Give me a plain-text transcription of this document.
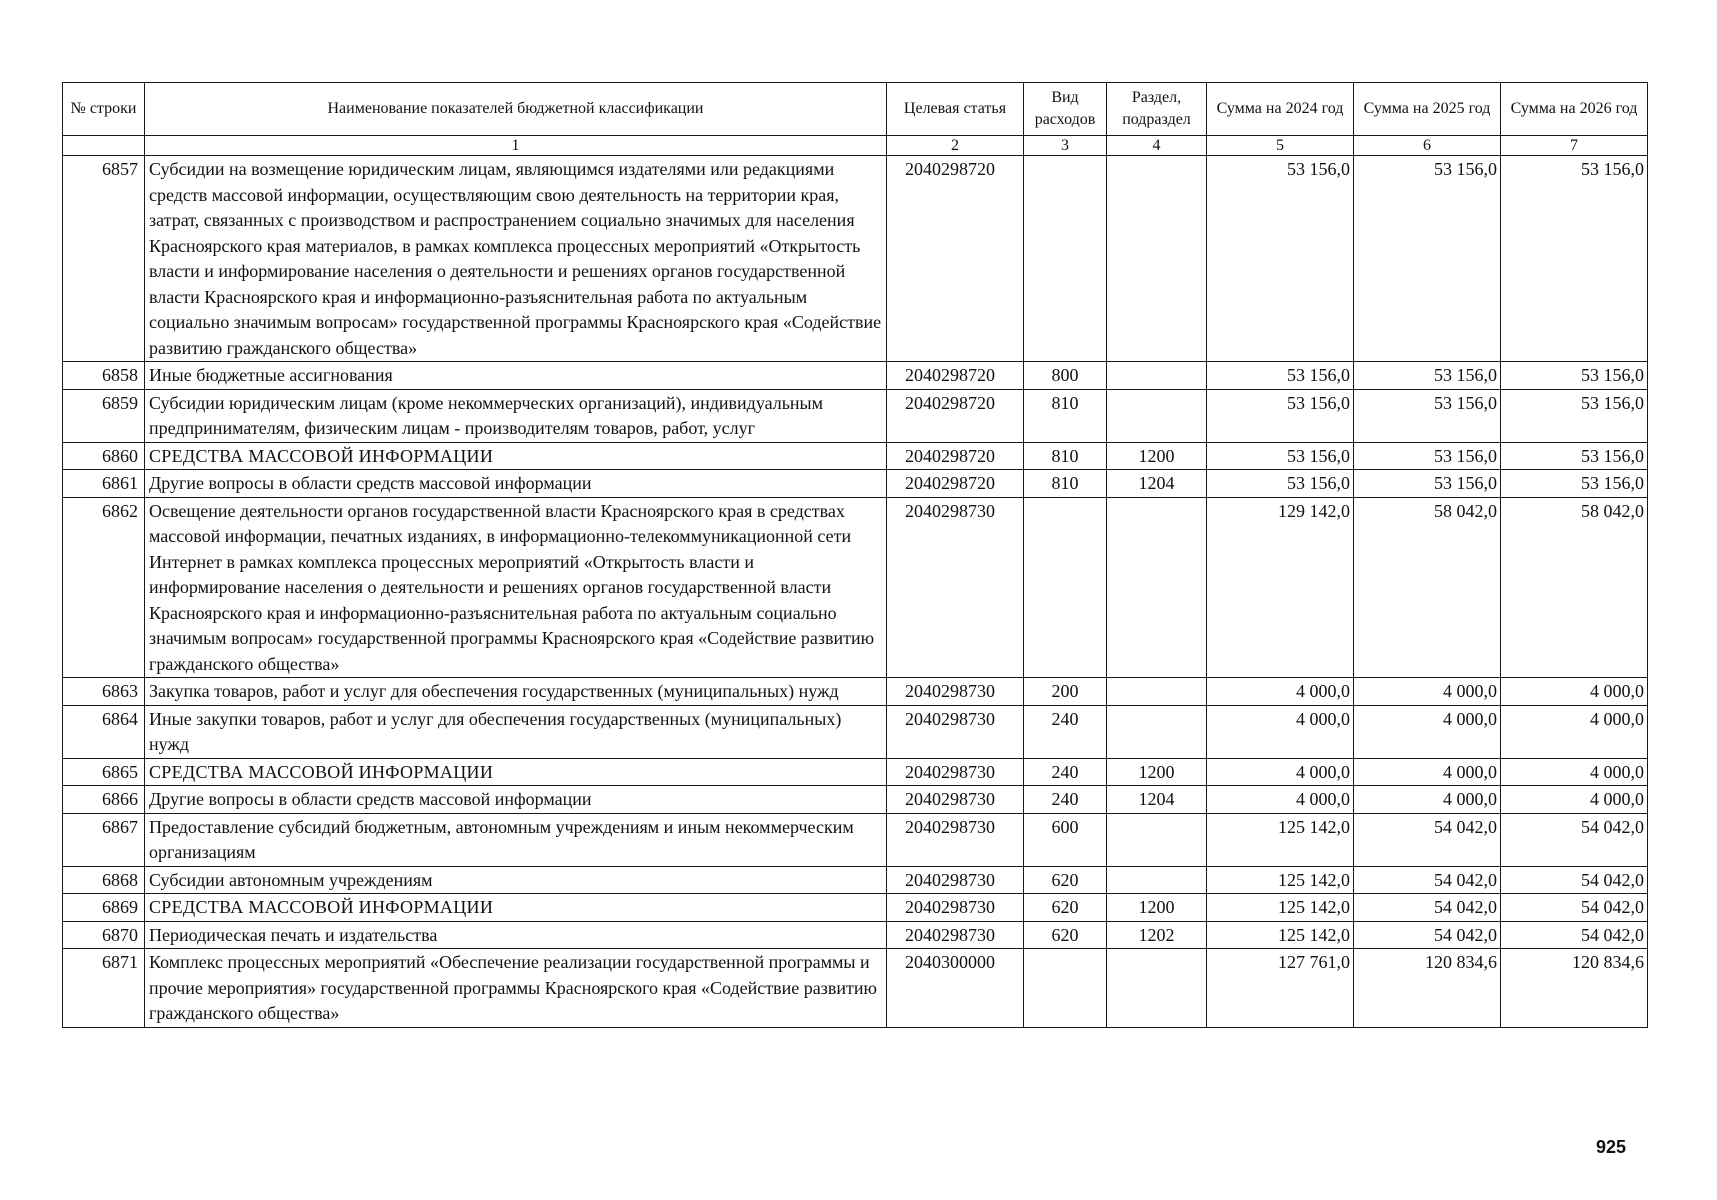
№ строки	Наименование показателей бюджетной классификации	Целевая статья	Вид расходов	Раздел, подраздел	Сумма на 2024 год	Сумма на 2025 год	Сумма на 2026 год
	1	2	3	4	5	6	7
6857	Субсидии на возмещение юридическим лицам, являющимся издателями или редакциями средств массовой информации, осуществляющим свою деятельность на территории края, затрат, связанных с производством и распространением социально значимых для населения Красноярского края материалов, в рамках комплекса процессных мероприятий «Открытость власти и информирование населения о деятельности и решениях органов государственной власти Красноярского края и информационно-разъяснительная работа по актуальным социально значимым вопросам» государственной программы Красноярского края «Содействие развитию гражданского общества»	2040298720			53 156,0	53 156,0	53 156,0
6858	Иные бюджетные ассигнования	2040298720	800		53 156,0	53 156,0	53 156,0
6859	Субсидии юридическим лицам (кроме некоммерческих организаций), индивидуальным предпринимателям, физическим лицам - производителям товаров, работ, услуг	2040298720	810		53 156,0	53 156,0	53 156,0
6860	СРЕДСТВА МАССОВОЙ ИНФОРМАЦИИ	2040298720	810	1200	53 156,0	53 156,0	53 156,0
6861	Другие вопросы в области средств массовой информации	2040298720	810	1204	53 156,0	53 156,0	53 156,0
6862	Освещение деятельности органов государственной власти Красноярского края в средствах массовой информации, печатных изданиях, в информационно-телекоммуникационной сети Интернет в рамках комплекса процессных мероприятий «Открытость власти и информирование населения о деятельности и решениях органов государственной власти Красноярского края и информационно-разъяснительная работа по актуальным социально значимым вопросам» государственной программы Красноярского края «Содействие развитию гражданского общества»	2040298730			129 142,0	58 042,0	58 042,0
6863	Закупка товаров, работ и услуг для обеспечения государственных (муниципальных) нужд	2040298730	200		4 000,0	4 000,0	4 000,0
6864	Иные закупки товаров, работ и услуг для обеспечения государственных (муниципальных) нужд	2040298730	240		4 000,0	4 000,0	4 000,0
6865	СРЕДСТВА МАССОВОЙ ИНФОРМАЦИИ	2040298730	240	1200	4 000,0	4 000,0	4 000,0
6866	Другие вопросы в области средств массовой информации	2040298730	240	1204	4 000,0	4 000,0	4 000,0
6867	Предоставление субсидий бюджетным, автономным учреждениям и иным некоммерческим организациям	2040298730	600		125 142,0	54 042,0	54 042,0
6868	Субсидии автономным учреждениям	2040298730	620		125 142,0	54 042,0	54 042,0
6869	СРЕДСТВА МАССОВОЙ ИНФОРМАЦИИ	2040298730	620	1200	125 142,0	54 042,0	54 042,0
6870	Периодическая печать и издательства	2040298730	620	1202	125 142,0	54 042,0	54 042,0
6871	Комплекс процессных мероприятий «Обеспечение реализации государственной программы и прочие мероприятия» государственной программы Красноярского края «Содействие развитию гражданского общества»	2040300000			127 761,0	120 834,6	120 834,6
925
